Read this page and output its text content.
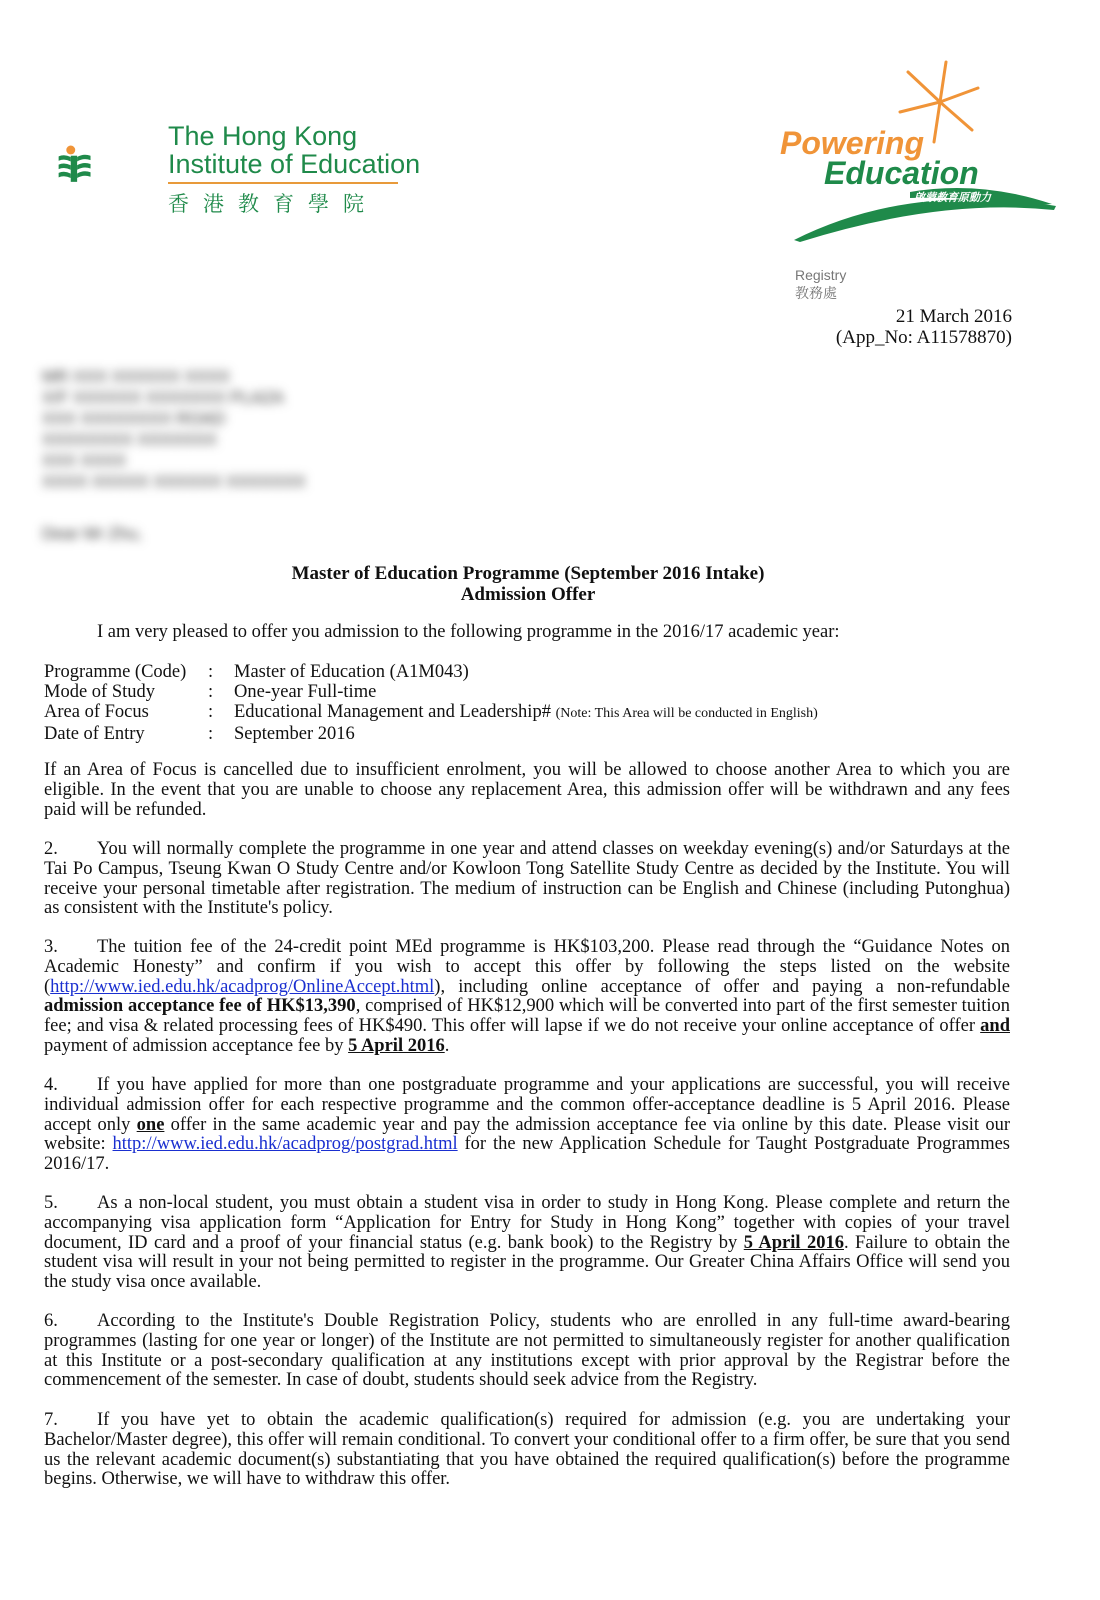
The Hong Kong
Institute of Education
香港教育學院
Powering
Education
啟蒙教育原動力
Registry
教務處
21 March 2016
(App_No: A11578870)
MR XXX XXXXXX XXXX
X/F XXXXXX XXXXXXX PLAZA
XXX XXXXXXXX ROAD
XXXXXXXX XXXXXXX
XXX XXXX
XXXX XXXXX XXXXXX XXXXXXX
Dear Mr Zhu,
Master of Education Programme (September 2016 Intake)
Admission Offer
I am very pleased to offer you admission to the following programme in the 2016/17 academic year:
Programme (Code)	:	Master of Education (A1M043)
Mode of Study	:	One-year Full-time
Area of Focus	:	Educational Management and Leadership# (Note: This Area will be conducted in English)
Date of Entry	:	September 2016
If an Area of Focus is cancelled due to insufficient enrolment, you will be allowed to choose another Area to which you are eligible. In the event that you are unable to choose any replacement Area, this admission offer will be withdrawn and any fees paid will be refunded.
2. You will normally complete the programme in one year and attend classes on weekday evening(s) and/or Saturdays at the Tai Po Campus, Tseung Kwan O Study Centre and/or Kowloon Tong Satellite Study Centre as decided by the Institute. You will receive your personal timetable after registration. The medium of instruction can be English and Chinese (including Putonghua) as consistent with the Institute's policy.
3. The tuition fee of the 24-credit point MEd programme is HK$103,200. Please read through the “Guidance Notes on Academic Honesty” and confirm if you wish to accept this offer by following the steps listed on the website (http://www.ied.edu.hk/acadprog/OnlineAccept.html), including online acceptance of offer and paying a non-refundable admission acceptance fee of HK$13,390, comprised of HK$12,900 which will be converted into part of the first semester tuition fee; and visa & related processing fees of HK$490. This offer will lapse if we do not receive your online acceptance of offer and payment of admission acceptance fee by 5 April 2016.
4. If you have applied for more than one postgraduate programme and your applications are successful, you will receive individual admission offer for each respective programme and the common offer-acceptance deadline is 5 April 2016. Please accept only one offer in the same academic year and pay the admission acceptance fee via online by this date. Please visit our website: http://www.ied.edu.hk/acadprog/postgrad.html for the new Application Schedule for Taught Postgraduate Programmes 2016/17.
5. As a non-local student, you must obtain a student visa in order to study in Hong Kong. Please complete and return the accompanying visa application form “Application for Entry for Study in Hong Kong” together with copies of your travel document, ID card and a proof of your financial status (e.g. bank book) to the Registry by 5 April 2016. Failure to obtain the student visa will result in your not being permitted to register in the programme. Our Greater China Affairs Office will send you the study visa once available.
6. According to the Institute's Double Registration Policy, students who are enrolled in any full-time award-bearing programmes (lasting for one year or longer) of the Institute are not permitted to simultaneously register for another qualification at this Institute or a post-secondary qualification at any institutions except with prior approval by the Registrar before the commencement of the semester. In case of doubt, students should seek advice from the Registry.
7. If you have yet to obtain the academic qualification(s) required for admission (e.g. you are undertaking your Bachelor/Master degree), this offer will remain conditional. To convert your conditional offer to a firm offer, be sure that you send us the relevant academic document(s) substantiating that you have obtained the required qualification(s) before the programme begins. Otherwise, we will have to withdraw this offer.
